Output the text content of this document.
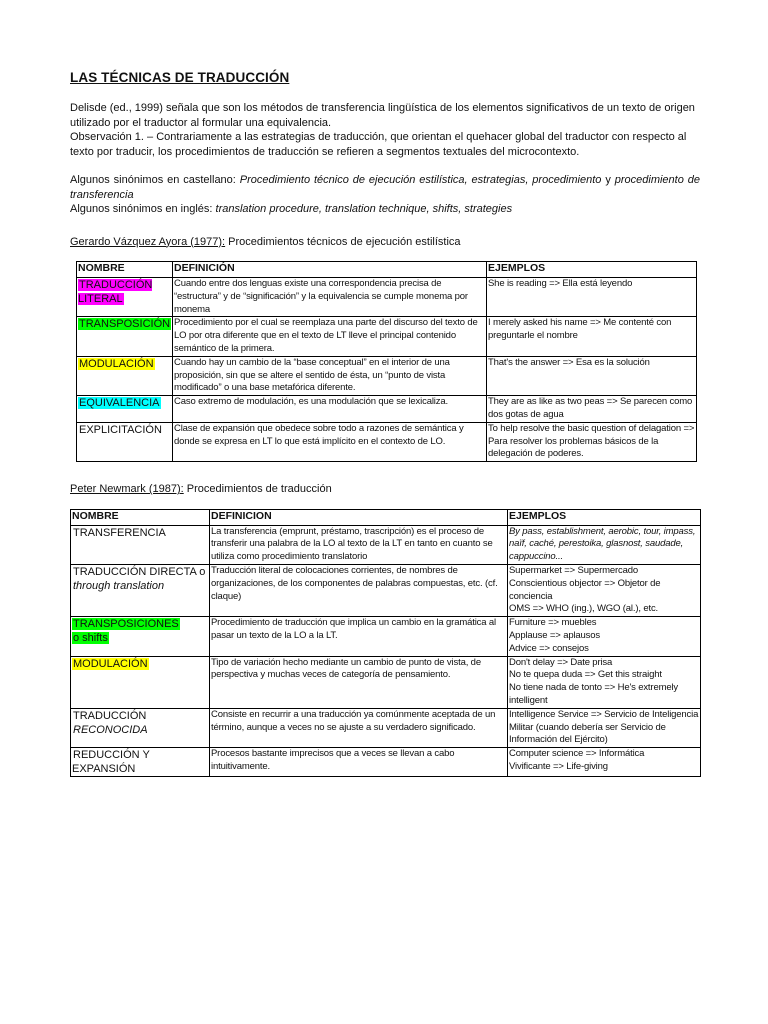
LAS TÉCNICAS DE TRADUCCIÓN

Delisde (ed., 1999) señala que son los métodos de transferencia lingüística de los elementos significativos de un texto de origen utilizado por el traductor al formular una equivalencia.

Observación 1. – Contrariamente a las estrategias de traducción, que orientan el quehacer global del traductor con respecto al texto por traducir, los procedimientos de traducción se refieren a segmentos textuales del microcontexto.

Algunos sinónimos en castellano: Procedimiento técnico de ejecución estilística, estrategias, procedimiento y procedimiento de transferencia

Algunos sinónimos en inglés: translation procedure, translation technique, shifts, strategies

Gerardo Vázquez Ayora (1977): Procedimientos técnicos de ejecución estilística

NOMBRE	DEFINICIÓN	EJEMPLOS
TRADUCCIÓN LITERAL	Cuando entre dos lenguas existe una correspondencia precisa de “estructura” y de “significación” y la equivalencia se cumple monema por monema	She is reading => Ella está leyendo
TRANSPOSICIÓN	Procedimiento por el cual se reemplaza una parte del discurso del texto de LO por otra diferente que en el texto de LT lleve el principal contenido semántico de la primera.	I merely asked his name => Me contenté con preguntarle el nombre
MODULACIÓN	Cuando hay un cambio de la “base conceptual” en el interior de una proposición, sin que se altere el sentido de ésta, un “punto de vista modificado” o una base metafórica diferente.	That's the answer => Esa es la solución
EQUIVALENCIA	Caso extremo de modulación, es una modulación que se lexicaliza.	They are as like as two peas => Se parecen como dos gotas de agua
EXPLICITACIÓN	Clase de expansión que obedece sobre todo a razones de semántica y donde se expresa en LT lo que está implícito en el contexto de LO.	To help resolve the basic question of delagation => Para resolver los problemas básicos de la delegación de poderes.

Peter Newmark (1987): Procedimientos de traducción

NOMBRE	DEFINICION	EJEMPLOS
TRANSFERENCIA	La transferencia (emprunt, préstamo, trascripción) es el proceso de transferir una palabra de la LO al texto de la LT en tanto en cuanto se utiliza como procedimiento translatorio	By pass, establishment, aerobic, tour, impass, naïf, caché, perestoika, glasnost, saudade, cappuccino...
TRADUCCIÓN DIRECTA o
through translation	Traducción literal de colocaciones corrientes, de nombres de organizaciones, de los componentes de palabras compuestas, etc. (cf. claque)	Supermarket => Supermercado
Conscientious objector => Objetor de conciencia
OMS => WHO (ing.), WGO (al.), etc.
TRANSPOSICIONES
o shifts	Procedimiento de traducción que implica un cambio en la gramática al pasar un texto de la LO a la LT.	Furniture => muebles
Applause => aplausos
Advice => consejos
MODULACIÓN	Tipo de variación hecho mediante un cambio de punto de vista, de perspectiva y muchas veces de categoría de pensamiento.	Don't delay => Date prisa
No te quepa duda => Get this straight
No tiene nada de tonto => He's extremely intelligent
TRADUCCIÓN
RECONOCIDA	Consiste en recurrir a una traducción ya comúnmente aceptada de un término, aunque a veces no se ajuste a su verdadero significado.	Intelligence Service => Servicio de Inteligencia Militar (cuando debería ser Servicio de Información del Ejército)
REDUCCIÓN Y EXPANSIÓN	Procesos bastante imprecisos que a veces se llevan a cabo intuitivamente.	Computer science => Informática
Vivificante => Life-giving
